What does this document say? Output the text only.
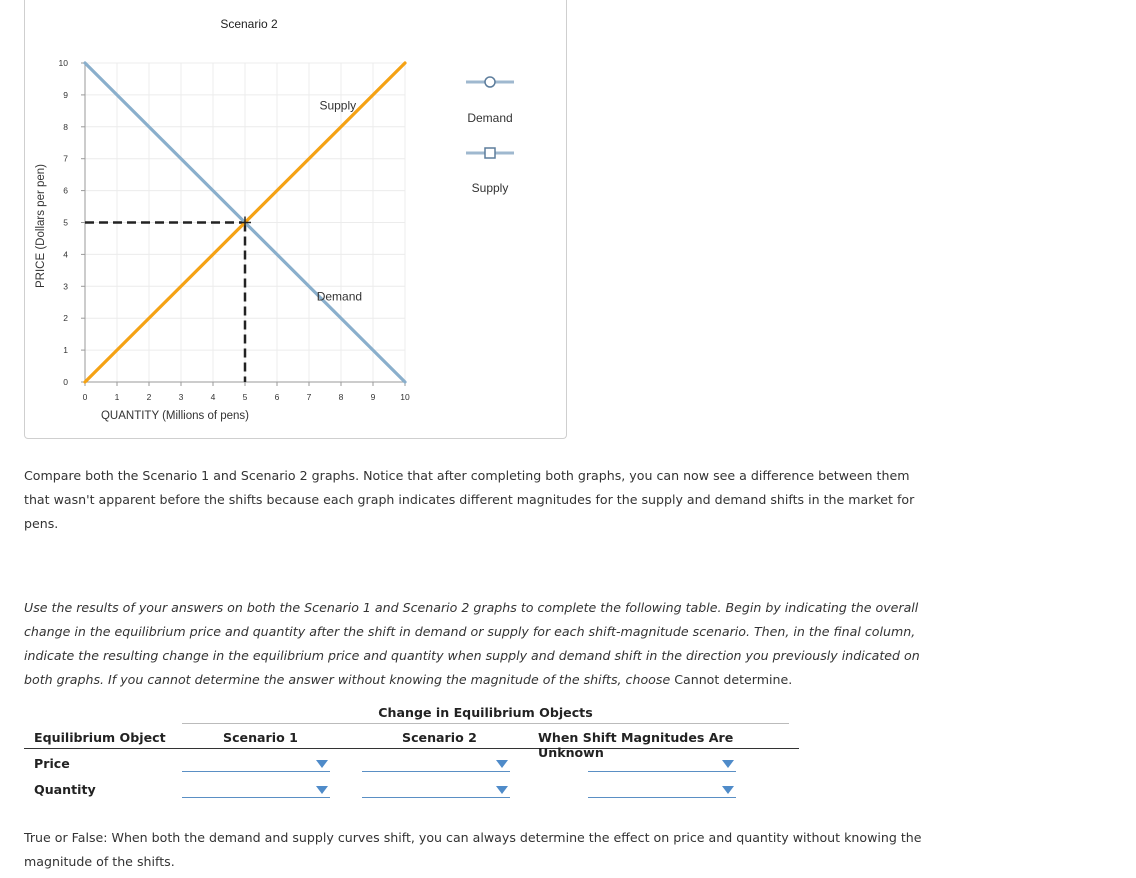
Scenario 2
0	1	2	3	4	5	6	7	8	9	10
0
1
2
3
4
5
6
7
8
9
10
Demand
Supply
Demand
Supply
QUANTITY (Millions of pens)
PRICE (Dollars per pen)
Compare both the Scenario 1 and Scenario 2 graphs. Notice that after completing both graphs, you can now see a difference between them that wasn't apparent before the shifts because each graph indicates different magnitudes for the supply and demand shifts in the market for pens.
Use the results of your answers on both the Scenario 1 and Scenario 2 graphs to complete the following table. Begin by indicating the overall change in the equilibrium price and quantity after the shift in demand or supply for each shift-magnitude scenario. Then, in the final column, indicate the resulting change in the equilibrium price and quantity when supply and demand shift in the direction you previously indicated on both graphs. If you cannot determine the answer without knowing the magnitude of the shifts, choose Cannot determine.
Change in Equilibrium Objects
Equilibrium Object	Scenario 1	Scenario 2	When Shift Magnitudes Are Unknown
Price
Quantity
True or False: When both the demand and supply curves shift, you can always determine the effect on price and quantity without knowing the magnitude of the shifts.
